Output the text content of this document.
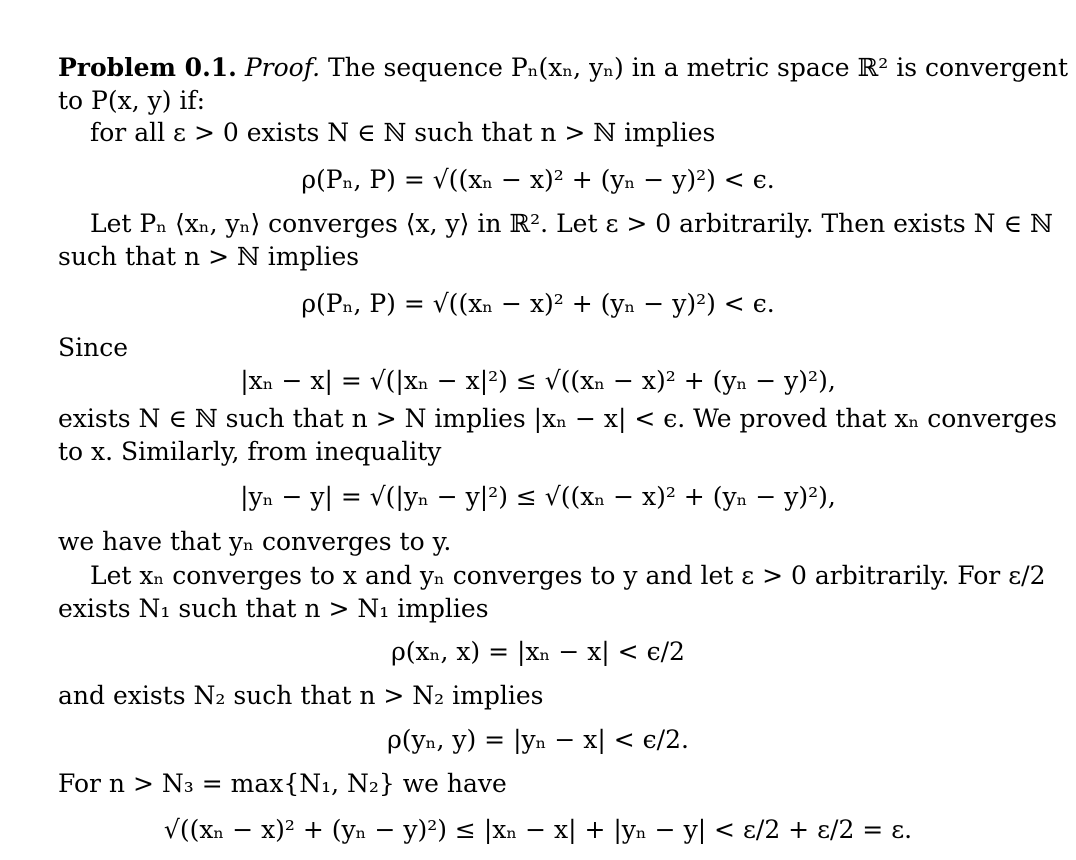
Problem 0.1. Proof. The sequence Pₙ(xₙ, yₙ) in a metric space ℝ² is convergent
to P(x, y) if:
for all ε > 0 exists N ∈ ℕ such that n > ℕ implies
ρ(Pₙ, P) = √((xₙ − x)² + (yₙ − y)²) < ϵ.
Let Pₙ ⟨xₙ, yₙ⟩ converges ⟨x, y⟩ in ℝ². Let ε > 0 arbitrarily. Then exists N ∈ ℕ
such that n > ℕ implies
ρ(Pₙ, P) = √((xₙ − x)² + (yₙ − y)²) < ϵ.
Since
|xₙ − x| = √(|xₙ − x|²) ≤ √((xₙ − x)² + (yₙ − y)²),
exists N ∈ ℕ such that n > N implies |xₙ − x| < ϵ. We proved that xₙ converges
to x. Similarly, from inequality
|yₙ − y| = √(|yₙ − y|²) ≤ √((xₙ − x)² + (yₙ − y)²),
we have that yₙ converges to y.
Let xₙ converges to x and yₙ converges to y and let ε > 0 arbitrarily. For ε/2
exists N₁ such that n > N₁ implies
ρ(xₙ, x) = |xₙ − x| < ϵ/2
and exists N₂ such that n > N₂ implies
ρ(yₙ, y) = |yₙ − x| < ϵ/2.
For n > N₃ = max{N₁, N₂} we have
√((xₙ − x)² + (yₙ − y)²) ≤ |xₙ − x| + |yₙ − y| < ε/2 + ε/2 = ε.
